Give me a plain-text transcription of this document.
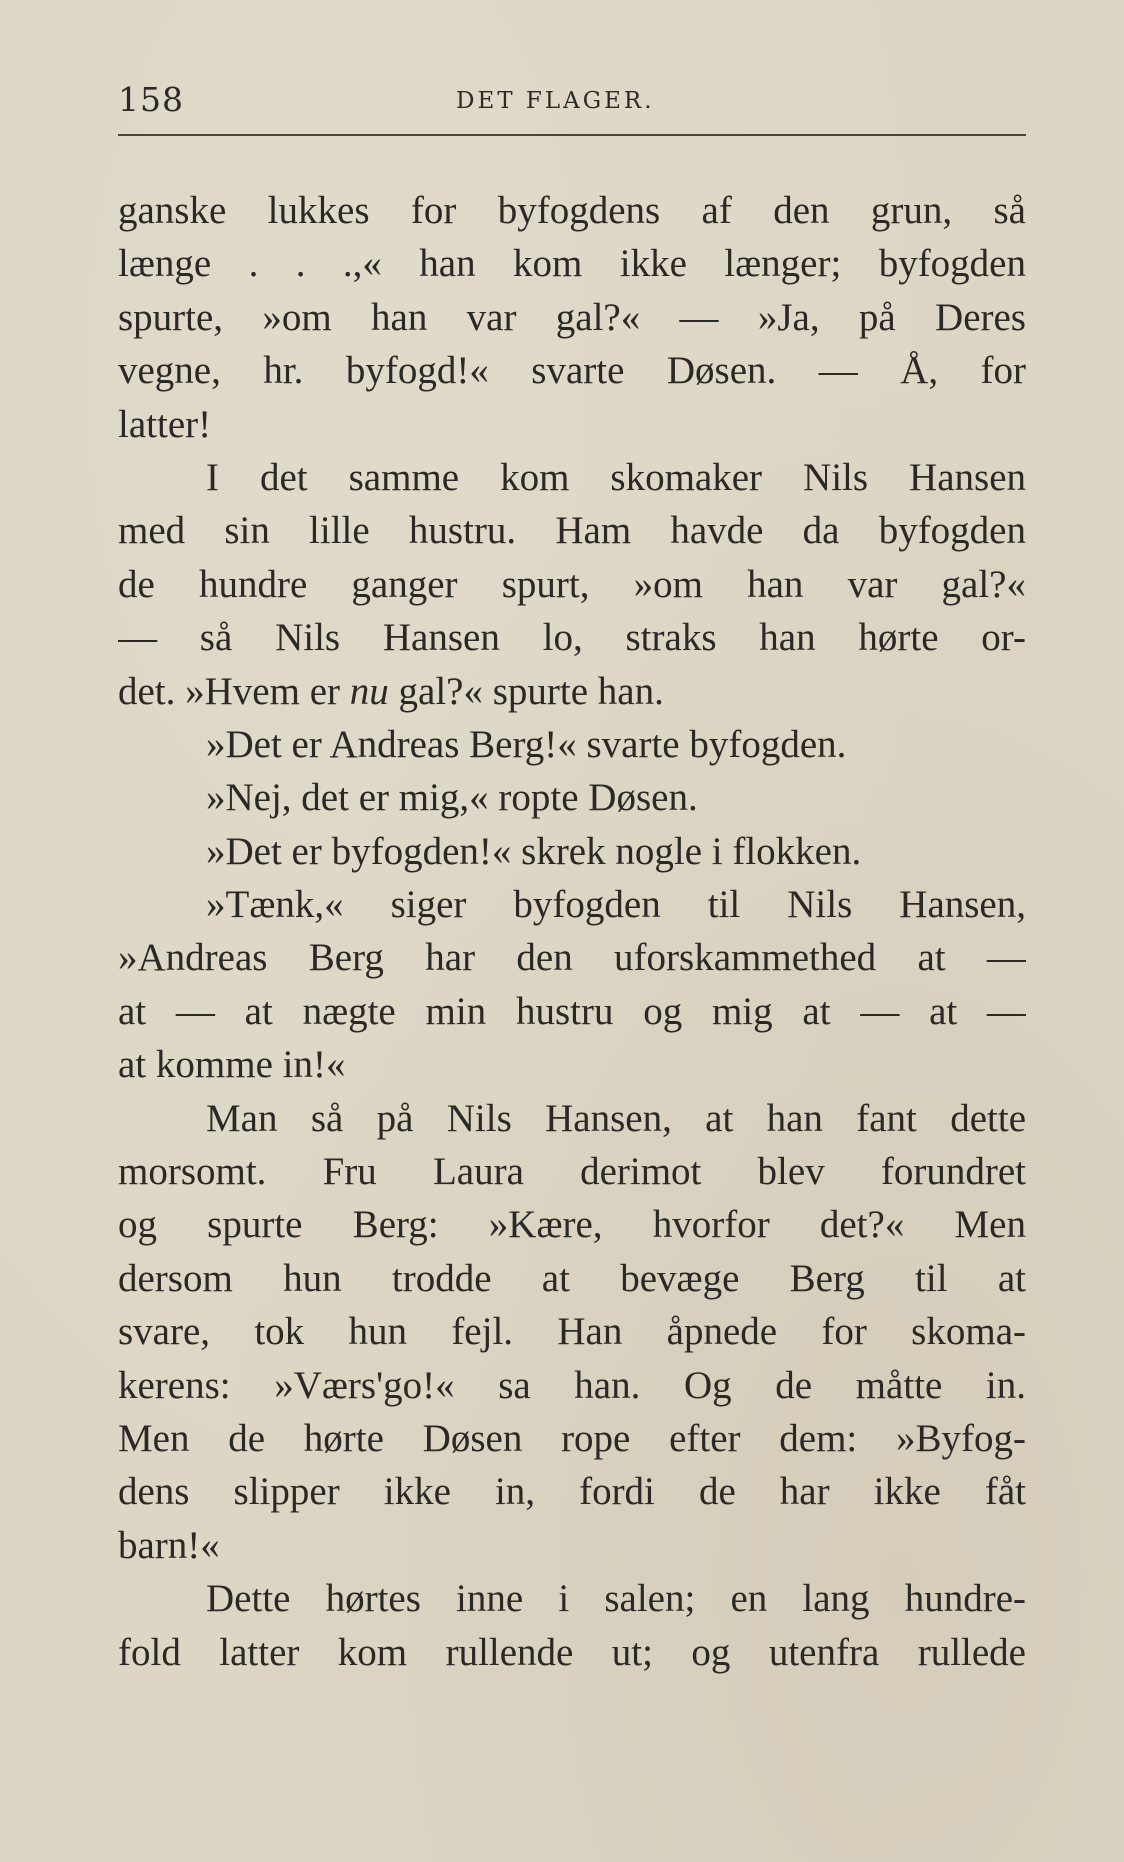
158	DET FLAGER.
ganske lukkes for byfogdens af den grun, så
længe . . .,« han kom ikke længer; byfogden
spurte, »om han var gal?« — »Ja, på Deres
vegne, hr. byfogd!« svarte Døsen. — Å, for
latter!
I det samme kom skomaker Nils Hansen
med sin lille hustru. Ham havde da byfogden
de hundre ganger spurt, »om han var gal?«
— så Nils Hansen lo, straks han hørte or-
det. »Hvem er nu gal?« spurte han.
»Det er Andreas Berg!« svarte byfogden.
»Nej, det er mig,« ropte Døsen.
»Det er byfogden!« skrek nogle i flokken.
»Tænk,« siger byfogden til Nils Hansen,
»Andreas Berg har den uforskammethed at —
at — at nægte min hustru og mig at — at —
at komme in!«
Man så på Nils Hansen, at han fant dette
morsomt. Fru Laura derimot blev forundret
og spurte Berg: »Kære, hvorfor det?« Men
dersom hun trodde at bevæge Berg til at
svare, tok hun fejl. Han åpnede for skoma-
kerens: »Værs'go!« sa han. Og de måtte in.
Men de hørte Døsen rope efter dem: »Byfog-
dens slipper ikke in, fordi de har ikke fåt
barn!«
Dette hørtes inne i salen; en lang hundre-
fold latter kom rullende ut; og utenfra rullede
